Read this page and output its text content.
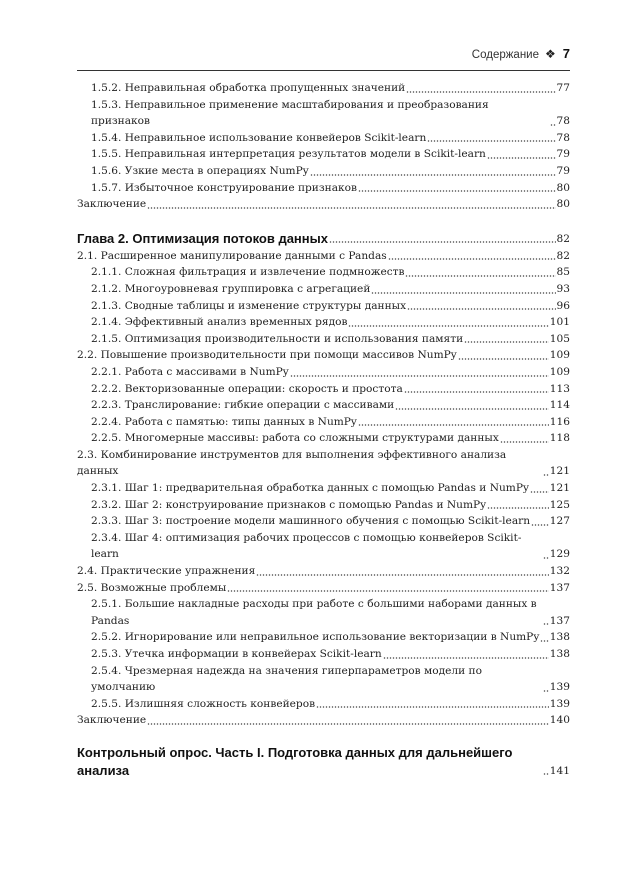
Содержание ❖ 7
1.5.2. Неправильная обработка пропущенных значений	77
1.5.3. Неправильное применение масштабирования и преобразования признаков	78
1.5.4. Неправильное использование конвейеров Scikit-learn	78
1.5.5. Неправильная интерпретация результатов модели в Scikit-learn	79
1.5.6. Узкие места в операциях NumPy	79
1.5.7. Избыточное конструирование признаков	80
Заключение	80
Глава 2. Оптимизация потоков данных	82
2.1. Расширенное манипулирование данными с Pandas	82
2.1.1. Сложная фильтрация и извлечение подмножеств	85
2.1.2. Многоуровневая группировка с агрегацией	93
2.1.3. Сводные таблицы и изменение структуры данных	96
2.1.4. Эффективный анализ временных рядов	101
2.1.5. Оптимизация производительности и использования памяти	105
2.2. Повышение производительности при помощи массивов NumPy	109
2.2.1. Работа с массивами в NumPy	109
2.2.2. Векторизованные операции: скорость и простота	113
2.2.3. Транслирование: гибкие операции с массивами	114
2.2.4. Работа с памятью: типы данных в NumPy	116
2.2.5. Многомерные массивы: работа со сложными структурами данных	118
2.3. Комбинирование инструментов для выполнения эффективного анализа данных	121
2.3.1. Шаг 1: предварительная обработка данных с помощью Pandas и NumPy 121
2.3.2. Шаг 2: конструирование признаков с помощью Pandas и NumPy	125
2.3.3. Шаг 3: построение модели машинного обучения с помощью Scikit-learn 127
2.3.4. Шаг 4: оптимизация рабочих процессов с помощью конвейеров Scikit-learn	129
2.4. Практические упражнения	132
2.5. Возможные проблемы	137
2.5.1. Большие накладные расходы при работе с большими наборами данных в Pandas	137
2.5.2. Игнорирование или неправильное использование векторизации в NumPy 138
2.5.3. Утечка информации в конвейерах Scikit-learn	138
2.5.4. Чрезмерная надежда на значения гиперпараметров модели по умолчанию	139
2.5.5. Излишняя сложность конвейеров	139
Заключение	140
Контрольный опрос. Часть I. Подготовка данных для дальнейшего анализа	141
